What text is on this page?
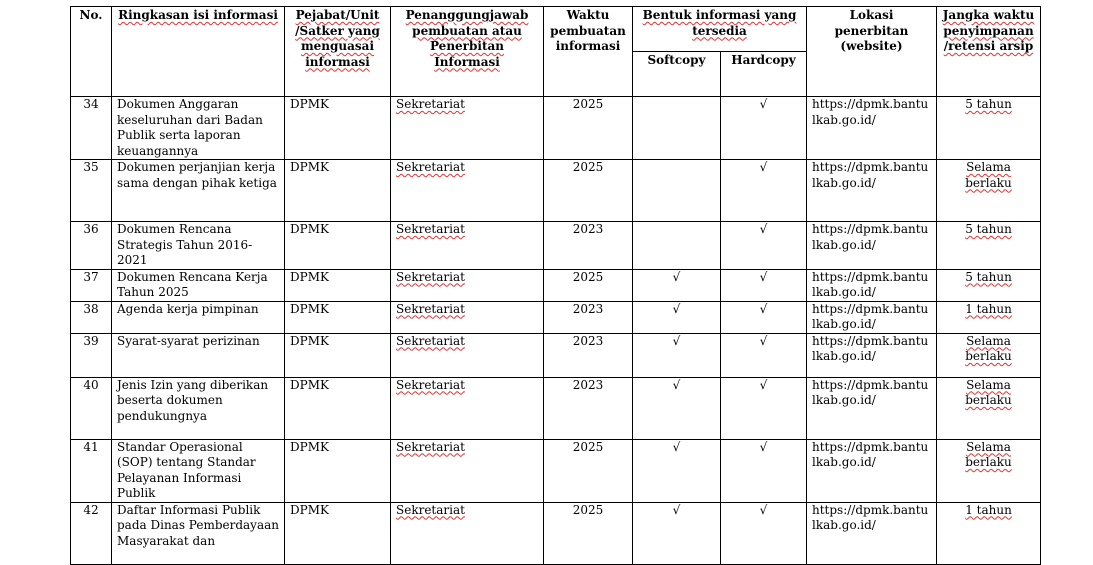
No.	Ringkasan isi informasi	Pejabat/Unit /Satker yang menguasai informasi	Penanggungjawab pembuatan atau Penerbitan Informasi	Waktu pembuatan informasi	Bentuk informasi yang tersedia		Lokasi penerbitan (website)	Jangka waktu penyimpanan /retensi arsip
					Softcopy	Hardcopy		
34	Dokumen Anggaran keseluruhan dari Badan Publik serta laporan keuangannya	DPMK	Sekretariat	2025		√	https://dpmk.bantulkab.go.id/	5 tahun
35	Dokumen perjanjian kerja sama dengan pihak ketiga	DPMK	Sekretariat	2025		√	https://dpmk.bantulkab.go.id/	Selama berlaku
36	Dokumen Rencana Strategis Tahun 2016-2021	DPMK	Sekretariat	2023		√	https://dpmk.bantulkab.go.id/	5 tahun
37	Dokumen Rencana Kerja Tahun 2025	DPMK	Sekretariat	2025	√	√	https://dpmk.bantulkab.go.id/	5 tahun
38	Agenda kerja pimpinan	DPMK	Sekretariat	2023	√	√	https://dpmk.bantulkab.go.id/	1 tahun
39	Syarat-syarat perizinan	DPMK	Sekretariat	2023	√	√	https://dpmk.bantulkab.go.id/	Selama berlaku
40	Jenis Izin yang diberikan beserta dokumen pendukungnya	DPMK	Sekretariat	2023	√	√	https://dpmk.bantulkab.go.id/	Selama berlaku
41	Standar Operasional (SOP) tentang Standar Pelayanan Informasi Publik	DPMK	Sekretariat	2025	√	√	https://dpmk.bantulkab.go.id/	Selama berlaku
42	Daftar Informasi Publik pada Dinas Pemberdayaan Masyarakat dan	DPMK	Sekretariat	2025	√	√	https://dpmk.bantulkab.go.id/	1 tahun
